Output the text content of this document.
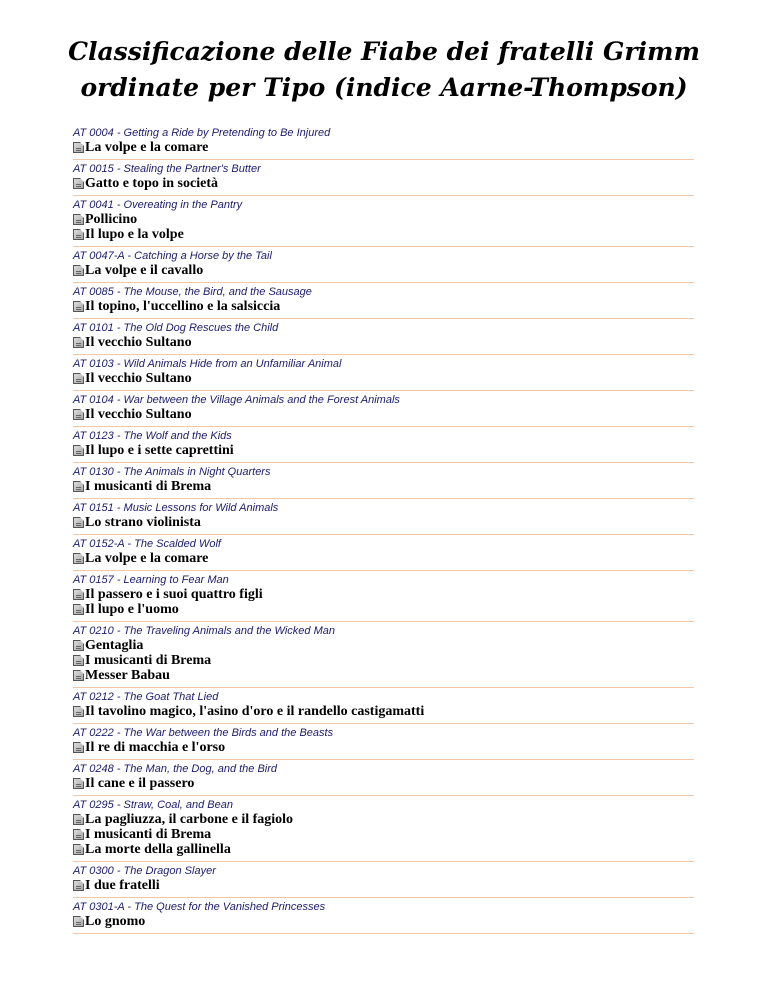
Classificazione delle Fiabe dei fratelli Grimm
ordinate per Tipo (indice Aarne-Thompson)
AT 0004 - Getting a Ride by Pretending to Be Injured
La volpe e la comare
AT 0015 - Stealing the Partner's Butter
Gatto e topo in società
AT 0041 - Overeating in the Pantry
Pollicino
Il lupo e la volpe
AT 0047-A - Catching a Horse by the Tail
La volpe e il cavallo
AT 0085 - The Mouse, the Bird, and the Sausage
Il topino, l'uccellino e la salsiccia
AT 0101 - The Old Dog Rescues the Child
Il vecchio Sultano
AT 0103 - Wild Animals Hide from an Unfamiliar Animal
Il vecchio Sultano
AT 0104 - War between the Village Animals and the Forest Animals
Il vecchio Sultano
AT 0123 - The Wolf and the Kids
Il lupo e i sette caprettini
AT 0130 - The Animals in Night Quarters
I musicanti di Brema
AT 0151 - Music Lessons for Wild Animals
Lo strano violinista
AT 0152-A - The Scalded Wolf
La volpe e la comare
AT 0157 - Learning to Fear Man
Il passero e i suoi quattro figli
Il lupo e l'uomo
AT 0210 - The Traveling Animals and the Wicked Man
Gentaglia
I musicanti di Brema
Messer Babau
AT 0212 - The Goat That Lied
Il tavolino magico, l'asino d'oro e il randello castigamatti
AT 0222 - The War between the Birds and the Beasts
Il re di macchia e l'orso
AT 0248 - The Man, the Dog, and the Bird
Il cane e il passero
AT 0295 - Straw, Coal, and Bean
La pagliuzza, il carbone e il fagiolo
I musicanti di Brema
La morte della gallinella
AT 0300 - The Dragon Slayer
I due fratelli
AT 0301-A - The Quest for the Vanished Princesses
Lo gnomo
